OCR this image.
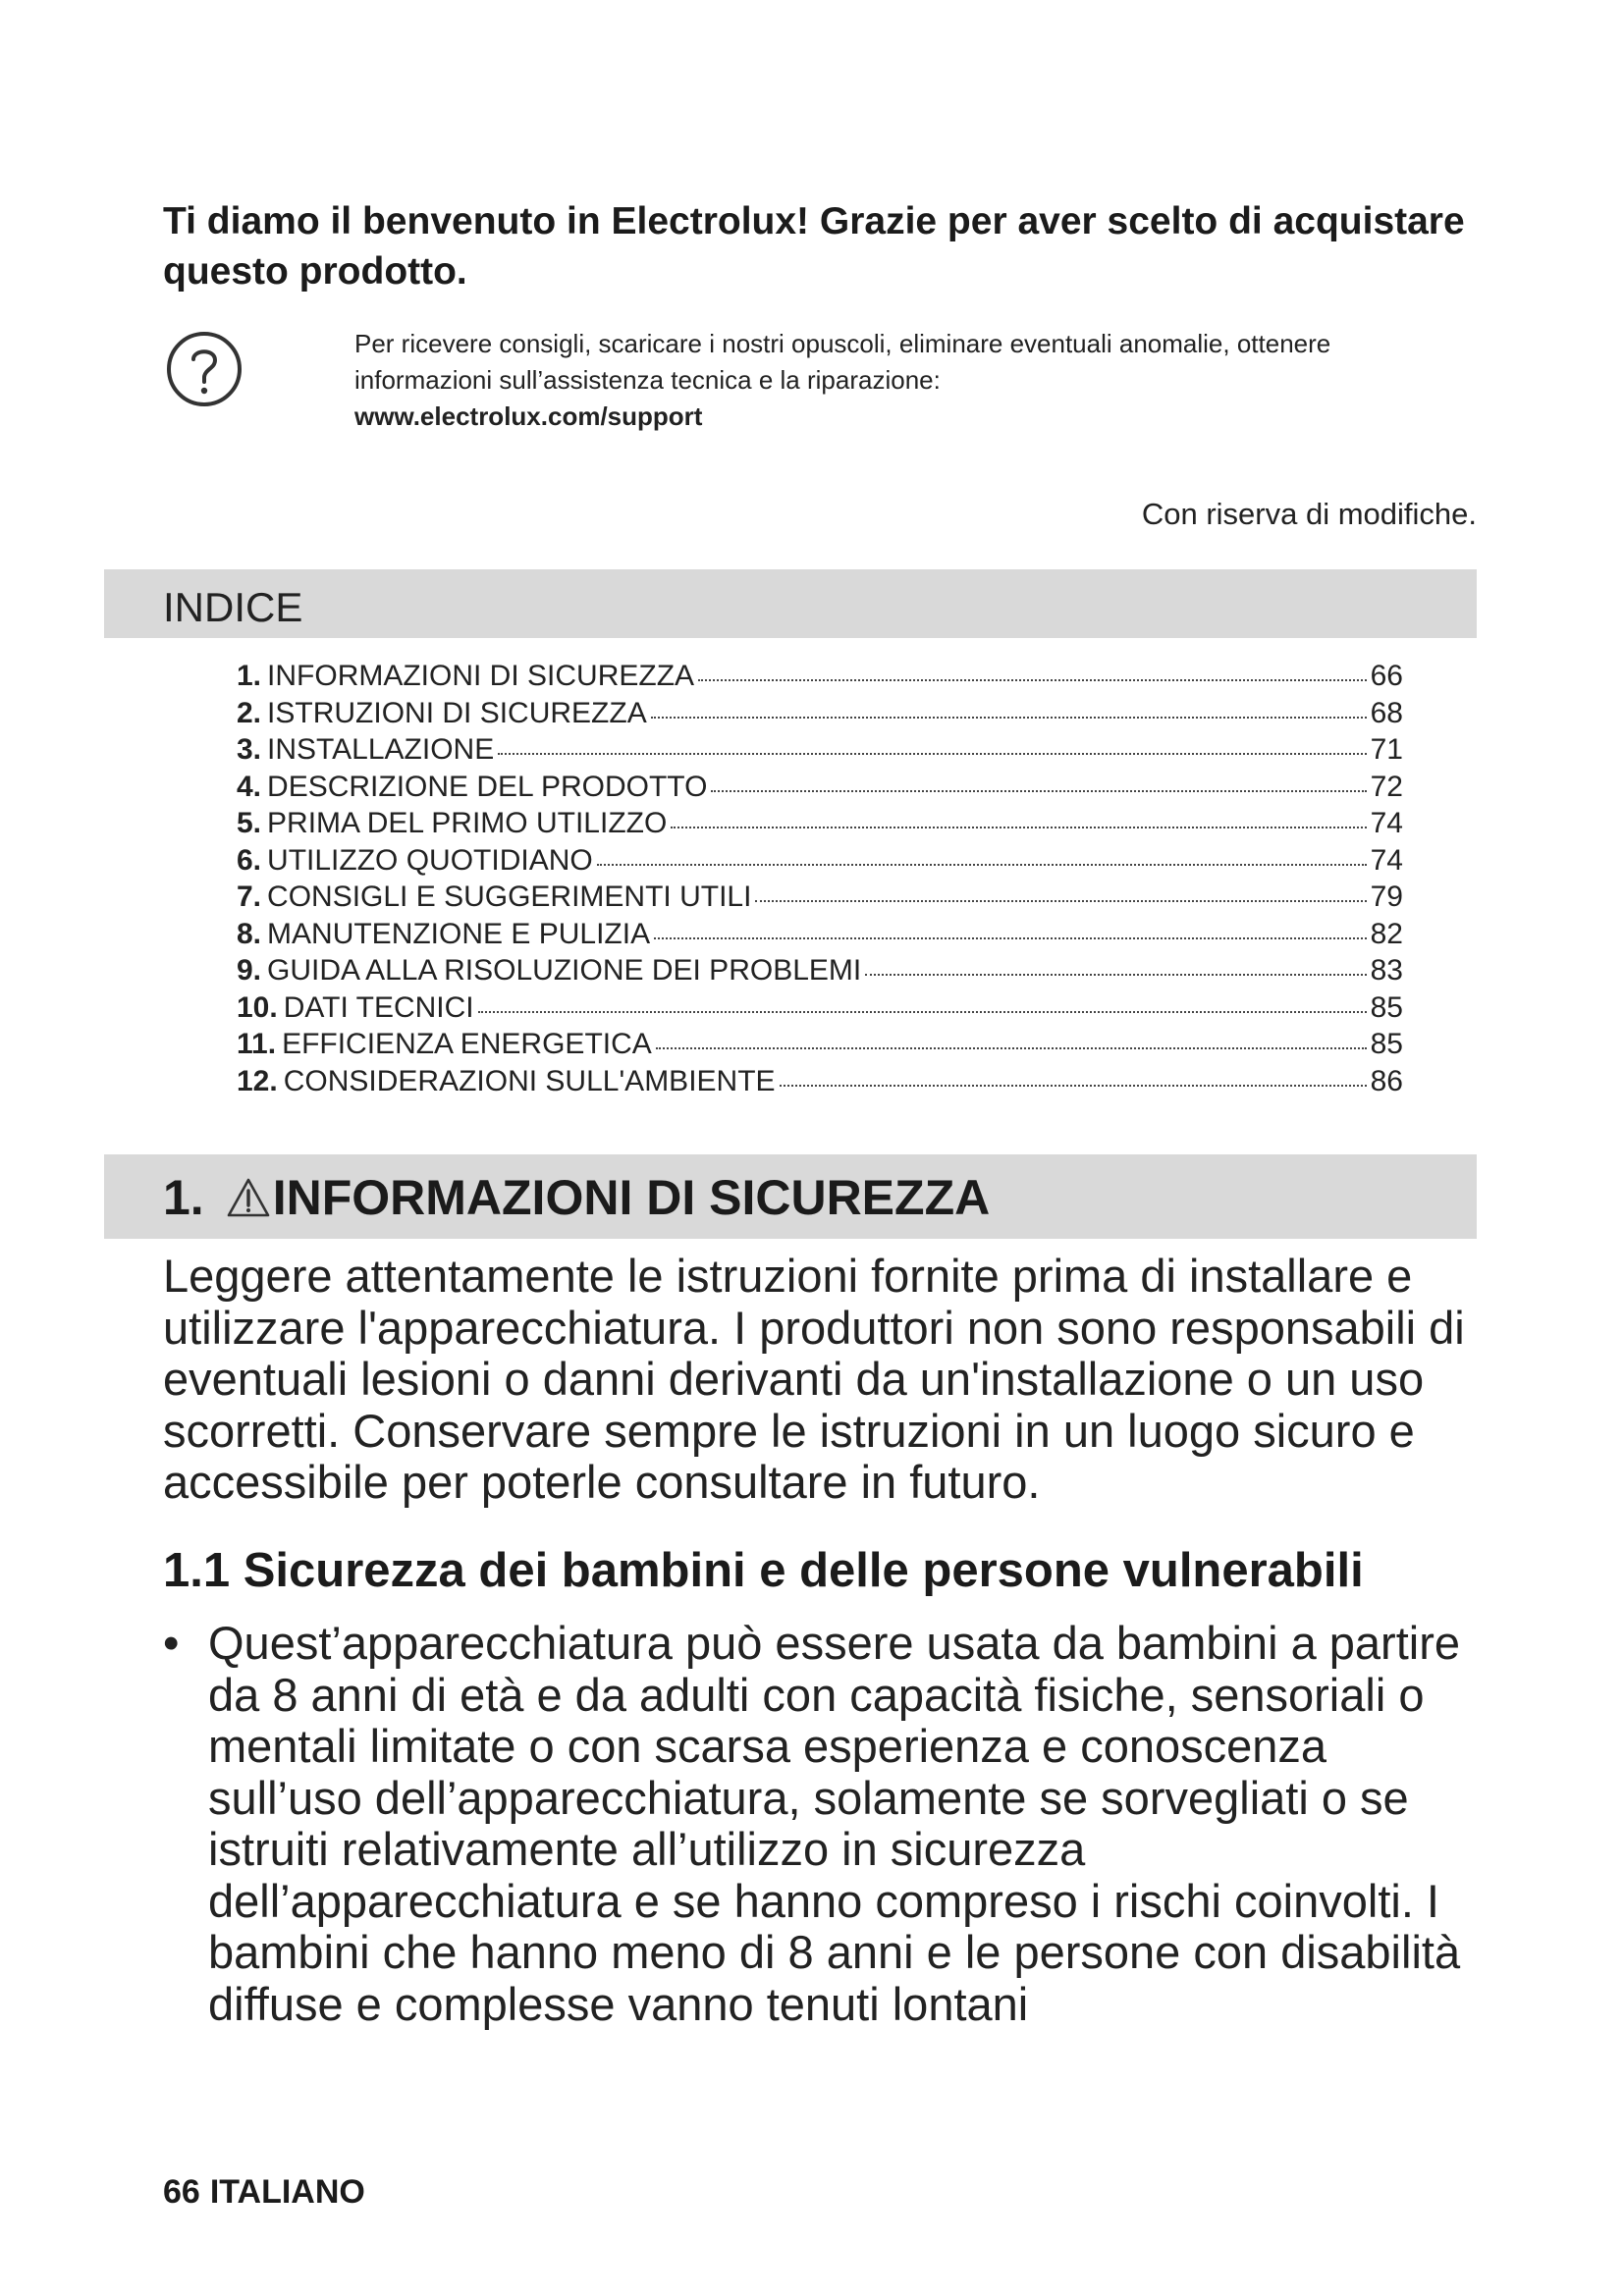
Ti diamo il benvenuto in Electrolux! Grazie per aver scelto di acquistare questo prodotto.
Per ricevere consigli, scaricare i nostri opuscoli, eliminare eventuali anomalie, ottenere informazioni sull’assistenza tecnica e la riparazione:
www.electrolux.com/support
Con riserva di modifiche.
INDICE
1. INFORMAZIONI DI SICUREZZA	66
2. ISTRUZIONI DI SICUREZZA	68
3. INSTALLAZIONE	71
4. DESCRIZIONE DEL PRODOTTO	72
5. PRIMA DEL PRIMO UTILIZZO	74
6. UTILIZZO QUOTIDIANO	74
7. CONSIGLI E SUGGERIMENTI UTILI	79
8. MANUTENZIONE E PULIZIA	82
9. GUIDA ALLA RISOLUZIONE DEI PROBLEMI	83
10. DATI TECNICI	85
11. EFFICIENZA ENERGETICA	85
12. CONSIDERAZIONI SULL'AMBIENTE	86
1. INFORMAZIONI DI SICUREZZA
Leggere attentamente le istruzioni fornite prima di installare e utilizzare l'apparecchiatura. I produttori non sono responsabili di eventuali lesioni o danni derivanti da un'installazione o un uso scorretti. Conservare sempre le istruzioni in un luogo sicuro e accessibile per poterle consultare in futuro.
1.1 Sicurezza dei bambini e delle persone vulnerabili
• Quest’apparecchiatura può essere usata da bambini a partire da 8 anni di età e da adulti con capacità fisiche, sensoriali o mentali limitate o con scarsa esperienza e conoscenza sull’uso dell’apparecchiatura, solamente se sorvegliati o se istruiti relativamente all’utilizzo in sicurezza dell’apparecchiatura e se hanno compreso i rischi coinvolti. I bambini che hanno meno di 8 anni e le persone con disabilità diffuse e complesse vanno tenuti lontani
66 ITALIANO
